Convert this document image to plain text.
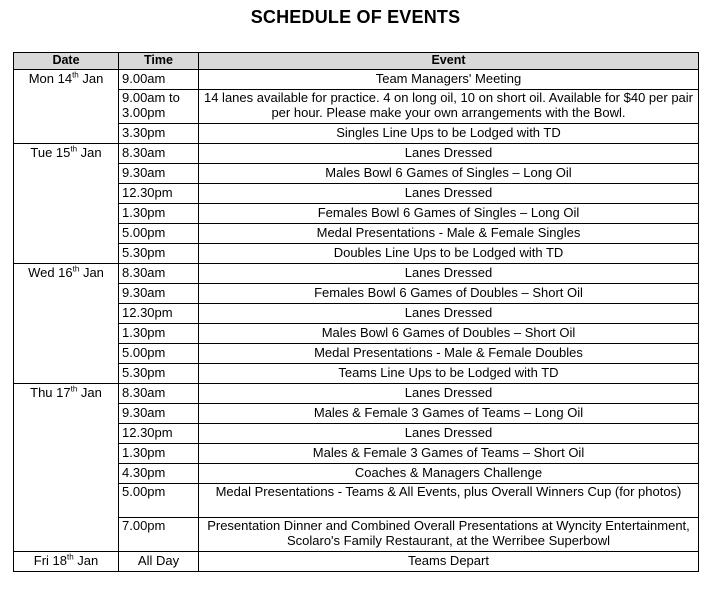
SCHEDULE OF EVENTS
Date	Time	Event
Mon 14th Jan	9.00am	Team Managers' Meeting
	9.00am to 3.00pm	14 lanes available for practice. 4 on long oil, 10 on short oil. Available for $40 per pair per hour. Please make your own arrangements with the Bowl.
	3.30pm	Singles Line Ups to be Lodged with TD
Tue 15th Jan	8.30am	Lanes Dressed
	9.30am	Males Bowl 6 Games of Singles – Long Oil
	12.30pm	Lanes Dressed
	1.30pm	Females Bowl 6 Games of Singles – Long Oil
	5.00pm	Medal Presentations - Male & Female Singles
	5.30pm	Doubles Line Ups to be Lodged with TD
Wed 16th Jan	8.30am	Lanes Dressed
	9.30am	Females Bowl 6 Games of Doubles – Short Oil
	12.30pm	Lanes Dressed
	1.30pm	Males Bowl 6 Games of Doubles – Short Oil
	5.00pm	Medal Presentations - Male & Female Doubles
	5.30pm	Teams Line Ups to be Lodged with TD
Thu 17th Jan	8.30am	Lanes Dressed
	9.30am	Males & Female 3 Games of Teams – Long Oil
	12.30pm	Lanes Dressed
	1.30pm	Males & Female 3 Games of Teams – Short Oil
	4.30pm	Coaches & Managers Challenge
	5.00pm	Medal Presentations - Teams & All Events, plus Overall Winners Cup (for photos)
	7.00pm	Presentation Dinner and Combined Overall Presentations at Wyncity Entertainment, Scolaro's Family Restaurant, at the Werribee Superbowl
Fri 18th Jan	All Day	Teams Depart
